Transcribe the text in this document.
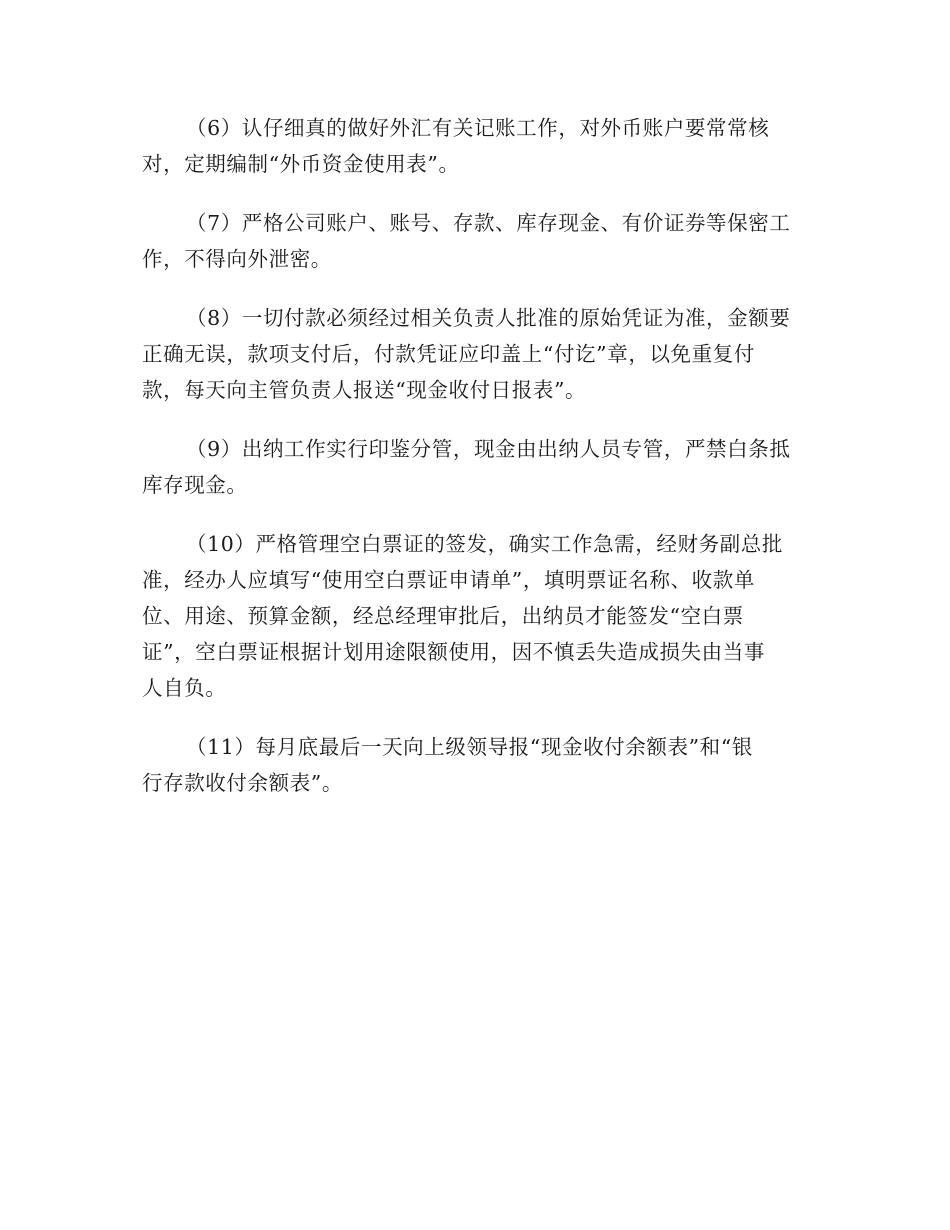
（6）认仔细真的做好外汇有关记账工作，对外币账户要常常核
对，定期编制“外币资金使用表”。

（7）严格公司账户、账号、存款、库存现金、有价证券等保密工
作，不得向外泄密。

（8）一切付款必须经过相关负责人批准的原始凭证为准，金额要
正确无误，款项支付后，付款凭证应印盖上“付讫”章，以免重复付
款，每天向主管负责人报送“现金收付日报表”。

（9）出纳工作实行印鉴分管，现金由出纳人员专管，严禁白条抵
库存现金。

（10）严格管理空白票证的签发，确实工作急需，经财务副总批
准，经办人应填写“使用空白票证申请单”，填明票证名称、收款单
位、用途、预算金额，经总经理审批后，出纳员才能签发“空白票
证”，空白票证根据计划用途限额使用，因不慎丢失造成损失由当事
人自负。

（11）每月底最后一天向上级领导报“现金收付余额表”和“银
行存款收付余额表”。
